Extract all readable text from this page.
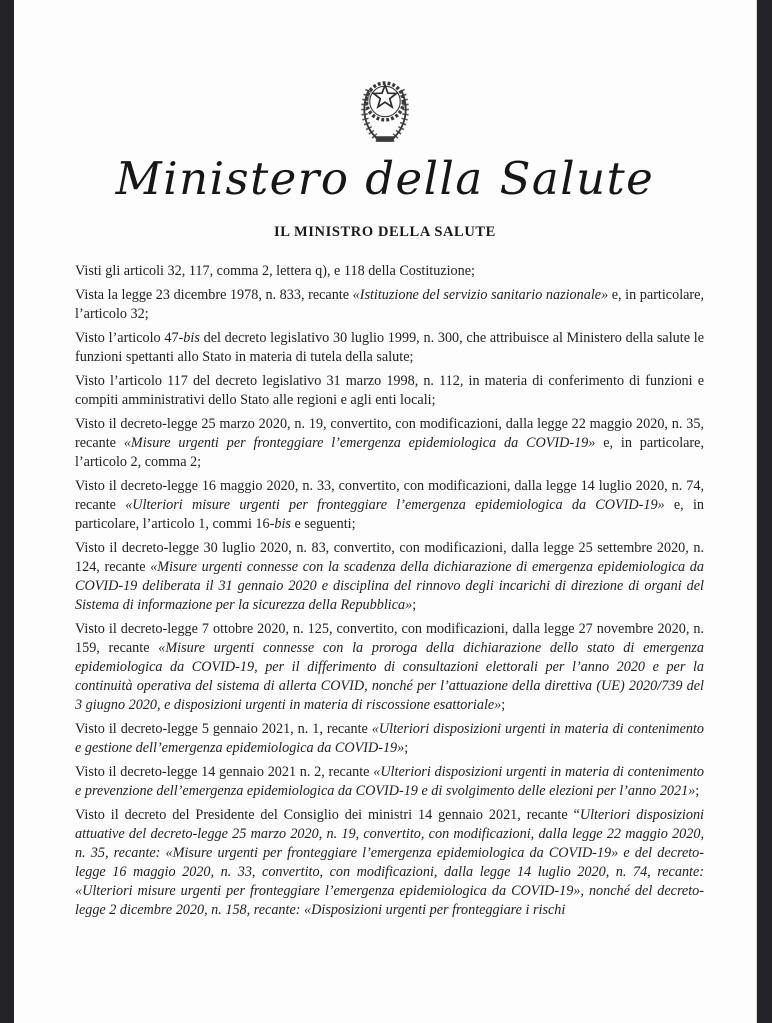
Ministero della Salute
IL MINISTRO DELLA SALUTE

Visti gli articoli 32, 117, comma 2, lettera q), e 118 della Costituzione;

Vista la legge 23 dicembre 1978, n. 833, recante «Istituzione del servizio sanitario nazionale» e, in particolare, l’articolo 32;

Visto l’articolo 47-bis del decreto legislativo 30 luglio 1999, n. 300, che attribuisce al Ministero della salute le funzioni spettanti allo Stato in materia di tutela della salute;

Visto l’articolo 117 del decreto legislativo 31 marzo 1998, n. 112, in materia di conferimento di funzioni e compiti amministrativi dello Stato alle regioni e agli enti locali;

Visto il decreto-legge 25 marzo 2020, n. 19, convertito, con modificazioni, dalla legge 22 maggio 2020, n. 35, recante «Misure urgenti per fronteggiare l’emergenza epidemiologica da COVID-19» e, in particolare, l’articolo 2, comma 2;

Visto il decreto-legge 16 maggio 2020, n. 33, convertito, con modificazioni, dalla legge 14 luglio 2020, n. 74, recante «Ulteriori misure urgenti per fronteggiare l’emergenza epidemiologica da COVID-19» e, in particolare, l’articolo 1, commi 16-bis e seguenti;

Visto il decreto-legge 30 luglio 2020, n. 83, convertito, con modificazioni, dalla legge 25 settembre 2020, n. 124, recante «Misure urgenti connesse con la scadenza della dichiarazione di emergenza epidemiologica da COVID-19 deliberata il 31 gennaio 2020 e disciplina del rinnovo degli incarichi di direzione di organi del Sistema di informazione per la sicurezza della Repubblica»;

Visto il decreto-legge 7 ottobre 2020, n. 125, convertito, con modificazioni, dalla legge 27 novembre 2020, n. 159, recante «Misure urgenti connesse con la proroga della dichiarazione dello stato di emergenza epidemiologica da COVID-19, per il differimento di consultazioni elettorali per l’anno 2020 e per la continuità operativa del sistema di allerta COVID, nonché per l’attuazione della direttiva (UE) 2020/739 del 3 giugno 2020, e disposizioni urgenti in materia di riscossione esattoriale»;

Visto il decreto-legge 5 gennaio 2021, n. 1, recante «Ulteriori disposizioni urgenti in materia di contenimento e gestione dell’emergenza epidemiologica da COVID-19»;

Visto il decreto-legge 14 gennaio 2021 n. 2, recante «Ulteriori disposizioni urgenti in materia di contenimento e prevenzione dell’emergenza epidemiologica da COVID-19 e di svolgimento delle elezioni per l’anno 2021»;

Visto il decreto del Presidente del Consiglio dei ministri 14 gennaio 2021, recante “Ulteriori disposizioni attuative del decreto-legge 25 marzo 2020, n. 19, convertito, con modificazioni, dalla legge 22 maggio 2020, n. 35, recante: «Misure urgenti per fronteggiare l’emergenza epidemiologica da COVID-19» e del decreto-legge 16 maggio 2020, n. 33, convertito, con modificazioni, dalla legge 14 luglio 2020, n. 74, recante: «Ulteriori misure urgenti per fronteggiare l’emergenza epidemiologica da COVID-19», nonché del decreto-legge 2 dicembre 2020, n. 158, recante: «Disposizioni urgenti per fronteggiare i rischi
